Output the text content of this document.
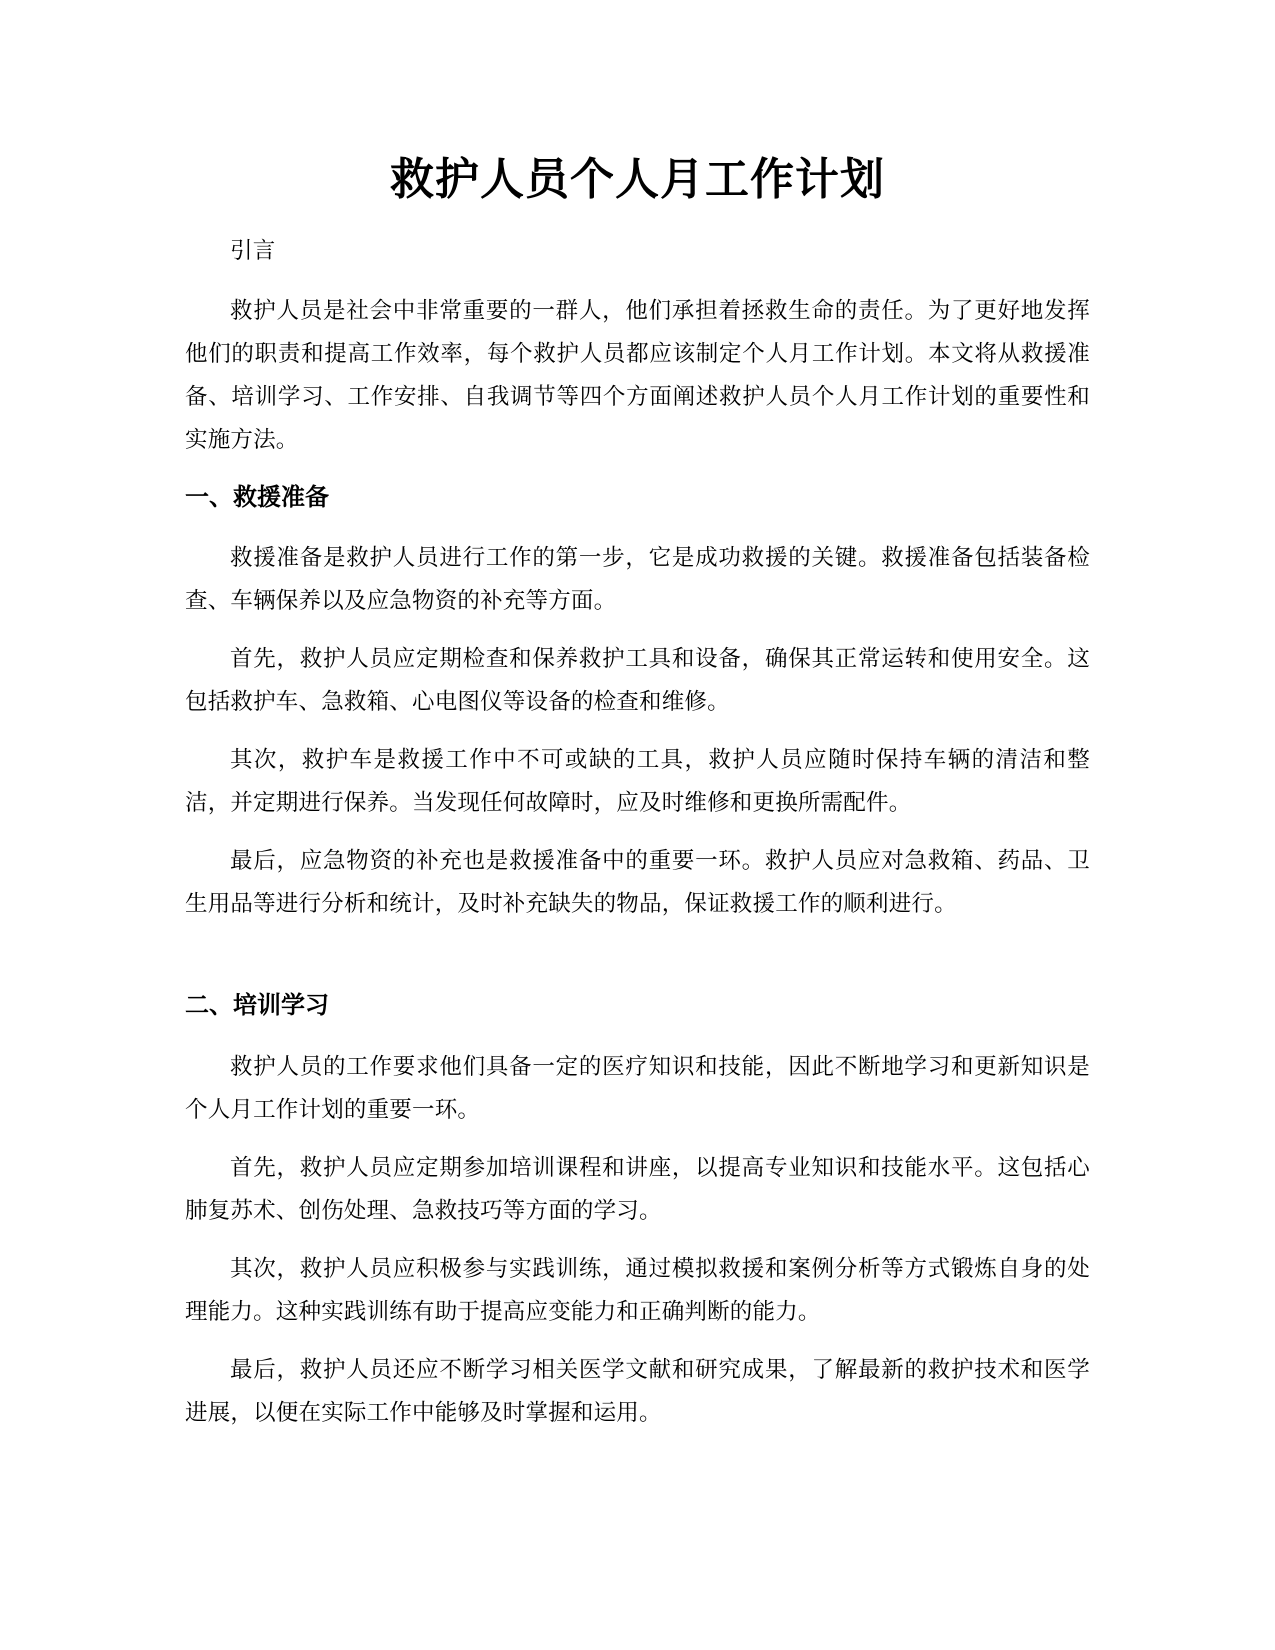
救护人员个人月工作计划

引言

救护人员是社会中非常重要的一群人，他们承担着拯救生命的责任。为了更好地发挥他们的职责和提高工作效率，每个救护人员都应该制定个人月工作计划。本文将从救援准备、培训学习、工作安排、自我调节等四个方面阐述救护人员个人月工作计划的重要性和实施方法。

一、救援准备

救援准备是救护人员进行工作的第一步，它是成功救援的关键。救援准备包括装备检查、车辆保养以及应急物资的补充等方面。

首先，救护人员应定期检查和保养救护工具和设备，确保其正常运转和使用安全。这包括救护车、急救箱、心电图仪等设备的检查和维修。

其次，救护车是救援工作中不可或缺的工具，救护人员应随时保持车辆的清洁和整洁，并定期进行保养。当发现任何故障时，应及时维修和更换所需配件。

最后，应急物资的补充也是救援准备中的重要一环。救护人员应对急救箱、药品、卫生用品等进行分析和统计，及时补充缺失的物品，保证救援工作的顺利进行。

二、培训学习

救护人员的工作要求他们具备一定的医疗知识和技能，因此不断地学习和更新知识是个人月工作计划的重要一环。

首先，救护人员应定期参加培训课程和讲座，以提高专业知识和技能水平。这包括心肺复苏术、创伤处理、急救技巧等方面的学习。

其次，救护人员应积极参与实践训练，通过模拟救援和案例分析等方式锻炼自身的处理能力。这种实践训练有助于提高应变能力和正确判断的能力。

最后，救护人员还应不断学习相关医学文献和研究成果，了解最新的救护技术和医学进展，以便在实际工作中能够及时掌握和运用。
